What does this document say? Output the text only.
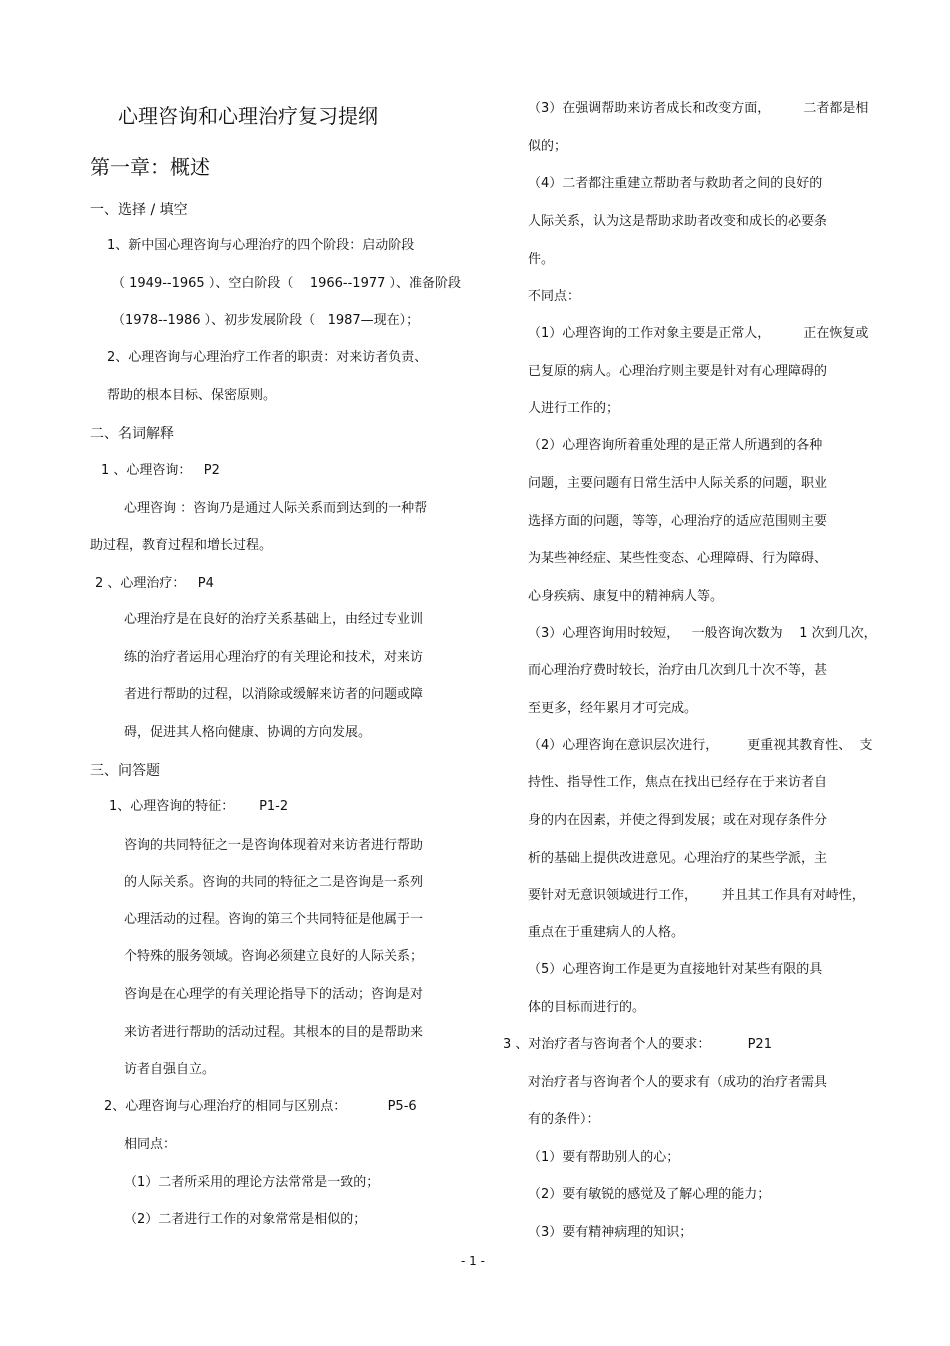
心理咨询和心理治疗复习提纲
第一章：概述
一、选择 / 填空
1、新中国心理咨询与心理治疗的四个阶段：启动阶段
（ 1949--1965 ）、空白阶段（    1966--1977 ）、准备阶段
（1978--1986 ）、初步发展阶段（   1987—现在）；
2、心理咨询与心理治疗工作者的职责：对来访者负责、
帮助的根本目标、保密原则。
二、名词解释
1 、心理咨询：   P2
心理咨询 ：咨询乃是通过人际关系而到达到的一种帮
助过程，教育过程和增长过程。
2 、心理治疗：   P4
心理治疗是在良好的治疗关系基础上，由经过专业训
练的治疗者运用心理治疗的有关理论和技术，对来访
者进行帮助的过程，以消除或缓解来访者的问题或障
碍，促进其人格向健康、协调的方向发展。
三、问答题
1、心理咨询的特征：      P1-2
咨询的共同特征之一是咨询体现着对来访者进行帮助
的人际关系。咨询的共同的特征之二是咨询是一系列
心理活动的过程。咨询的第三个共同特征是他属于一
个特殊的服务领域。咨询必须建立良好的人际关系；
咨询是在心理学的有关理论指导下的活动；咨询是对
来访者进行帮助的活动过程。其根本的目的是帮助来
访者自强自立。
2、心理咨询与心理治疗的相同与区别点：          P5-6
相同点：
（1）二者所采用的理论方法常常是一致的；
（2）二者进行工作的对象常常是相似的；
（3）在强调帮助来访者成长和改变方面，        二者都是相
似的；
（4）二者都注重建立帮助者与救助者之间的良好的
人际关系，认为这是帮助求助者改变和成长的必要条
件。
不同点：
（1）心理咨询的工作对象主要是正常人，        正在恢复或
已复原的病人。心理治疗则主要是针对有心理障碍的
人进行工作的；
（2）心理咨询所着重处理的是正常人所遇到的各种
问题，主要问题有日常生活中人际关系的问题，职业
选择方面的问题，等等，心理治疗的适应范围则主要
为某些神经症、某些性变态、心理障碍、行为障碍、
心身疾病、康复中的精神病人等。
（3）心理咨询用时较短，   一般咨询次数为    1 次到几次，
而心理治疗费时较长，治疗由几次到几十次不等，甚
至更多，经年累月才可完成。
（4）心理咨询在意识层次进行，       更重视其教育性、  支
持性、指导性工作，焦点在找出已经存在于来访者自
身的内在因素，并使之得到发展；或在对现存条件分
析的基础上提供改进意见。心理治疗的某些学派，主
要针对无意识领域进行工作，      并且其工作具有对峙性，
重点在于重建病人的人格。
（5）心理咨询工作是更为直接地针对某些有限的具
体的目标而进行的。
3 、对治疗者与咨询者个人的要求：         P21
对治疗者与咨询者个人的要求有（成功的治疗者需具
有的条件）：
（1）要有帮助别人的心；
（2）要有敏锐的感觉及了解心理的能力；
（3）要有精神病理的知识；
- 1 -
